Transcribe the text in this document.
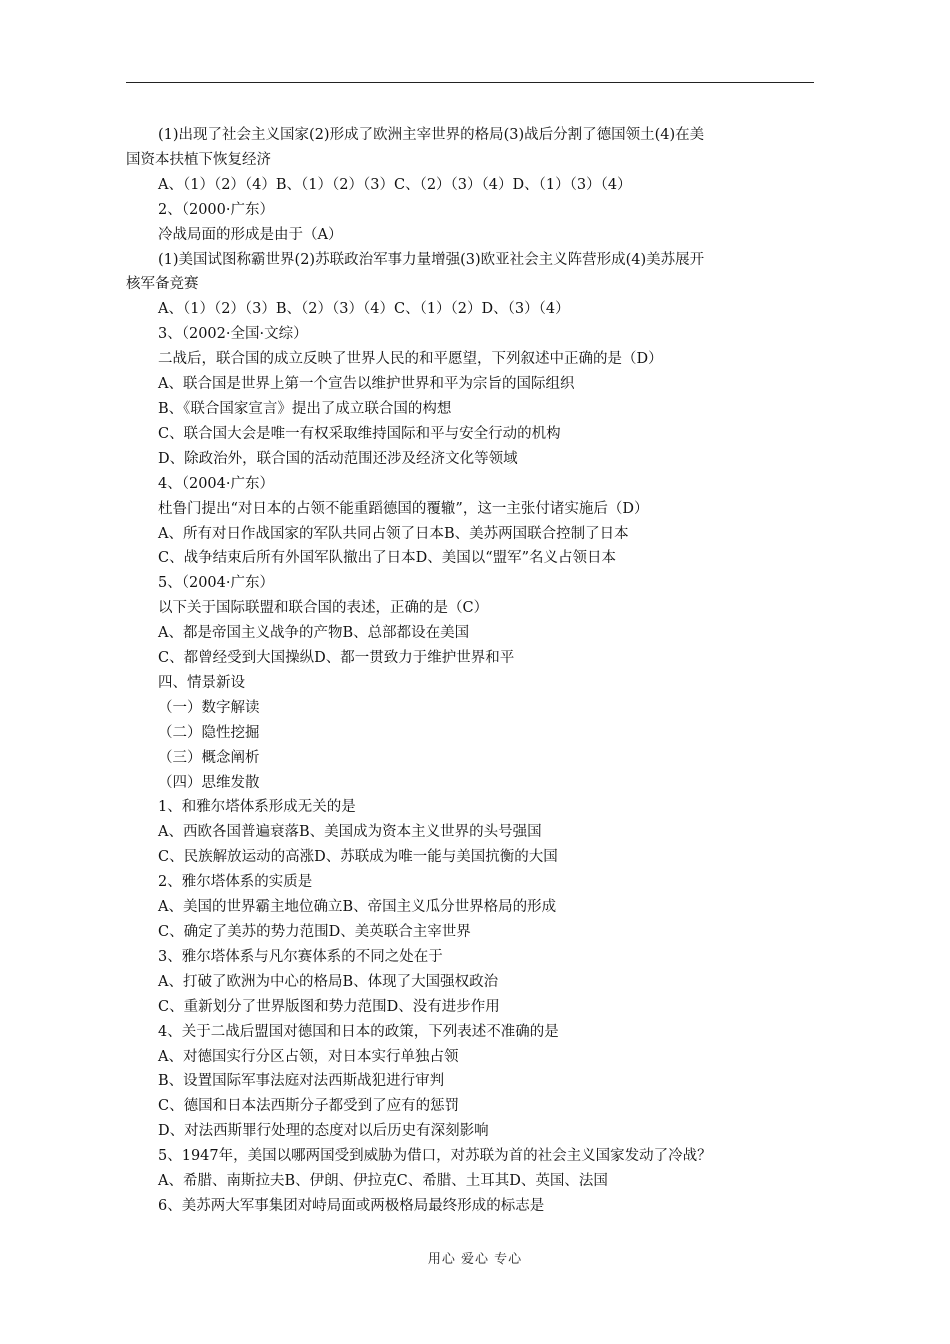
(1)出现了社会主义国家(2)形成了欧洲主宰世界的格局(3)战后分割了德国领土(4)在美
国资本扶植下恢复经济
A、（1）（2）（4）B、（1）（2）（3）C、（2）（3）（4）D、（1）（3）（4）
2、（2000·广东）
冷战局面的形成是由于（A）
(1)美国试图称霸世界(2)苏联政治军事力量增强(3)欧亚社会主义阵营形成(4)美苏展开
核军备竞赛
A、（1）（2）（3）B、（2）（3）（4）C、（1）（2）D、（3）（4）
3、（2002·全国·文综）
二战后，联合国的成立反映了世界人民的和平愿望，下列叙述中正确的是（D）
A、联合国是世界上第一个宣告以维护世界和平为宗旨的国际组织
B、《联合国家宣言》提出了成立联合国的构想
C、联合国大会是唯一有权采取维持国际和平与安全行动的机构
D、除政治外，联合国的活动范围还涉及经济文化等领域
4、（2004·广东）
杜鲁门提出“对日本的占领不能重蹈德国的覆辙”，这一主张付诸实施后（D）
A、所有对日作战国家的军队共同占领了日本B、美苏两国联合控制了日本
C、战争结束后所有外国军队撤出了日本D、美国以“盟军”名义占领日本
5、（2004·广东）
以下关于国际联盟和联合国的表述，正确的是（C）
A、都是帝国主义战争的产物B、总部都设在美国
C、都曾经受到大国操纵D、都一贯致力于维护世界和平
四、情景新设
（一）数字解读
（二）隐性挖掘
（三）概念阐析
（四）思维发散
1、和雅尔塔体系形成无关的是
A、西欧各国普遍衰落B、美国成为资本主义世界的头号强国
C、民族解放运动的高涨D、苏联成为唯一能与美国抗衡的大国
2、雅尔塔体系的实质是
A、美国的世界霸主地位确立B、帝国主义瓜分世界格局的形成
C、确定了美苏的势力范围D、美英联合主宰世界
3、雅尔塔体系与凡尔赛体系的不同之处在于
A、打破了欧洲为中心的格局B、体现了大国强权政治
C、重新划分了世界版图和势力范围D、没有进步作用
4、关于二战后盟国对德国和日本的政策，下列表述不准确的是
A、对德国实行分区占领，对日本实行单独占领
B、设置国际军事法庭对法西斯战犯进行审判
C、德国和日本法西斯分子都受到了应有的惩罚
D、对法西斯罪行处理的态度对以后历史有深刻影响
5、1947年，美国以哪两国受到威胁为借口，对苏联为首的社会主义国家发动了冷战？
A、希腊、南斯拉夫B、伊朗、伊拉克C、希腊、土耳其D、英国、法国
6、美苏两大军事集团对峙局面或两极格局最终形成的标志是
用心 爱心 专心
